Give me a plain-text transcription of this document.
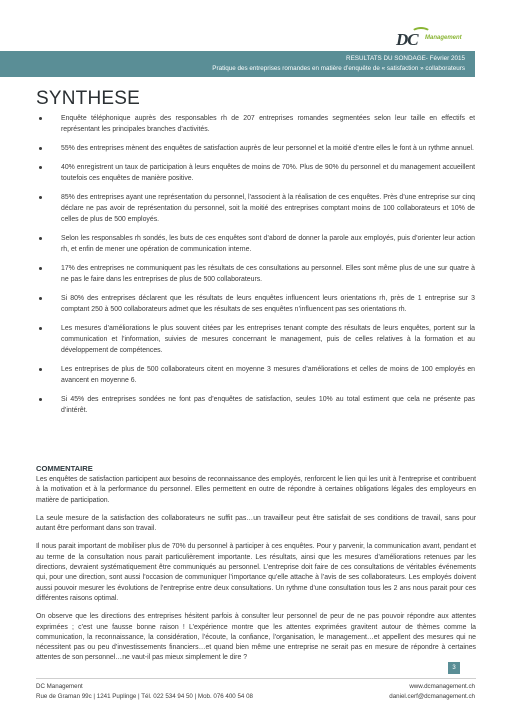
DC Management
RESULTATS DU SONDAGE- Février 2015
Pratique des entreprises romandes en matière d’enquête de « satisfaction » collaborateurs
SYNTHESE
Enquête téléphonique auprès des responsables rh de 207 entreprises romandes segmentées selon leur taille en effectifs et représentant les principales branches d’activités.
55% des entreprises mènent des enquêtes de satisfaction auprès de leur personnel et la moitié d’entre elles le font à un rythme annuel.
40% enregistrent un taux de participation à leurs enquêtes de moins de 70%. Plus de 90% du personnel et du management accueillent toutefois ces enquêtes de manière positive.
85% des entreprises ayant une représentation du personnel, l’associent à la réalisation de ces enquêtes. Près d’une entreprise sur cinq déclare ne pas avoir de représentation du personnel, soit la moitié des entreprises comptant moins de 100 collaborateurs et 10% de celles de plus de 500 employés.
Selon les responsables rh sondés, les buts de ces enquêtes sont d’abord de donner la parole aux employés, puis d’orienter leur action rh, et enfin de mener une opération de communication interne.
17% des entreprises ne communiquent pas les résultats de ces consultations au personnel. Elles sont même plus de une sur quatre à ne pas le faire dans les entreprises de plus de 500 collaborateurs.
Si 80% des entreprises déclarent que les résultats de leurs enquêtes influencent leurs orientations rh, près de 1 entreprise sur 3 comptant 250 à 500 collaborateurs admet que les résultats de ses enquêtes n’influencent pas ses orientations rh.
Les mesures d’améliorations le plus souvent citées par les entreprises tenant compte des résultats de leurs enquêtes, portent sur la communication et l’information, suivies de mesures concernant le management, puis de celles relatives à la formation et au développement de compétences.
Les entreprises de plus de 500 collaborateurs citent en moyenne 3 mesures d’améliorations et celles de moins de 100 employés en avancent en moyenne 6.
Si 45% des entreprises sondées ne font pas d’enquêtes de satisfaction, seules 10% au total estiment que cela ne présente pas d’intérêt.
COMMENTAIRE

Les enquêtes de satisfaction participent aux besoins de reconnaissance des employés, renforcent le lien qui les unit à l’entreprise et contribuent à la motivation et à la performance du personnel. Elles permettent en outre de répondre à certaines obligations légales des employeurs en matière de participation.

La seule mesure de la satisfaction des collaborateurs ne suffit pas…un travailleur peut être satisfait de ses conditions de travail, sans pour autant être performant dans son travail.

Il nous parait important de mobiliser plus de 70% du personnel à participer à ces enquêtes. Pour y parvenir, la communication avant, pendant et au terme de la consultation nous parait particulièrement importante. Les résultats, ainsi que les mesures d’améliorations retenues par les directions, devraient systématiquement être communiqués au personnel. L’entreprise doit faire de ces consultations de véritables événements qui, pour une direction, sont aussi l’occasion de communiquer l’importance qu’elle attache à l’avis de ses collaborateurs. Les employés doivent aussi pouvoir mesurer les évolutions de l’entreprise entre deux consultations. Un rythme d’une consultation tous les 2 ans nous parait pour ces différentes raisons optimal.

On observe que les directions des entreprises hésitent parfois à consulter leur personnel de peur de ne pas pouvoir répondre aux attentes exprimées ; c’est une fausse bonne raison ! L’expérience montre que les attentes exprimées gravitent autour de thèmes comme la communication, la reconnaissance, la considération, l’écoute, la confiance, l’organisation, le management…et appellent des mesures qui ne nécessitent pas ou peu d’investissements financiers…et quand bien même une entreprise ne serait pas en mesure de répondre à certaines attentes de son personnel…ne vaut-il pas mieux simplement le dire ?

3
DC Management
Rue de Graman 99c | 1241 Puplinge | Tél. 022 534 94 50 | Mob. 076 400 54 08
www.dcmanagement.ch
daniel.cerf@dcmanagement.ch
